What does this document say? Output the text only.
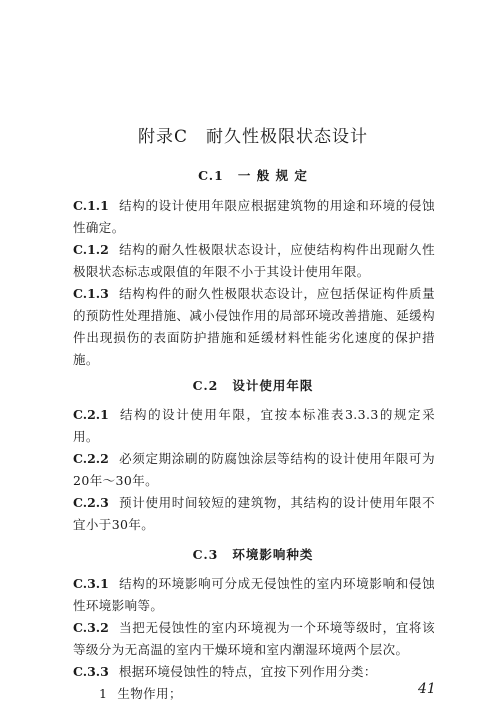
附录C　耐久性极限状态设计
C.1 一 般 规 定
C.1.1 结构的设计使用年限应根据建筑物的用途和环境的侵蚀性确定。
C.1.2 结构的耐久性极限状态设计，应使结构构件出现耐久性极限状态标志或限值的年限不小于其设计使用年限。
C.1.3 结构构件的耐久性极限状态设计，应包括保证构件质量的预防性处理措施、减小侵蚀作用的局部环境改善措施、延缓构件出现损伤的表面防护措施和延缓材料性能劣化速度的保护措施。
C.2 设计使用年限
C.2.1 结构的设计使用年限，宜按本标准表3.3.3的规定采用。
C.2.2 必须定期涂刷的防腐蚀涂层等结构的设计使用年限可为20年～30年。
C.2.3 预计使用时间较短的建筑物，其结构的设计使用年限不宜小于30年。
C.3 环境影响种类
C.3.1 结构的环境影响可分成无侵蚀性的室内环境影响和侵蚀性环境影响等。
C.3.2 当把无侵蚀性的室内环境视为一个环境等级时，宜将该等级分为无高温的室内干燥环境和室内潮湿环境两个层次。
C.3.3 根据环境侵蚀性的特点，宜按下列作用分类：
1 生物作用；	41
